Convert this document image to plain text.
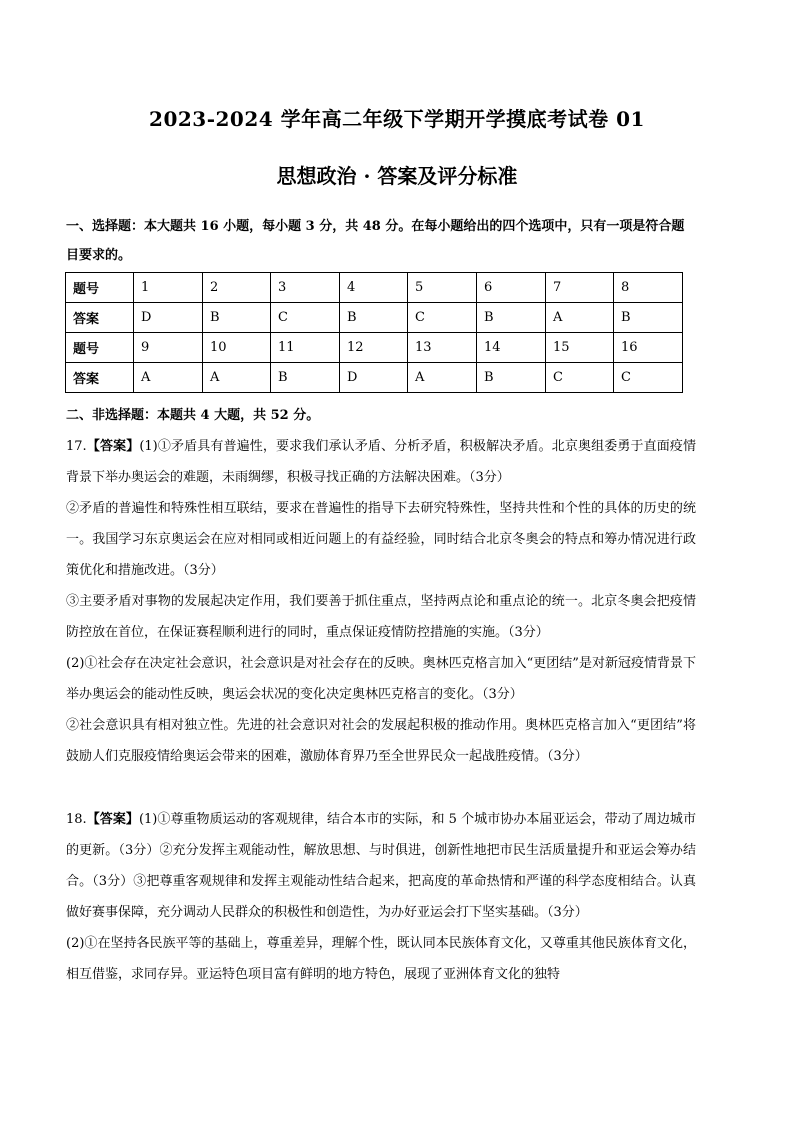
2023-2024 学年高二年级下学期开学摸底考试卷 01
思想政治 · 答案及评分标准
一、选择题：本大题共 16 小题，每小题 3 分，共 48 分。在每小题给出的四个选项中，只有一项是符合题目要求的。
题号	1	2	3	4	5	6	7	8
答案	D	B	C	B	C	B	A	B
题号	9	10	11	12	13	14	15	16
答案	A	A	B	D	A	B	C	C
二、非选择题：本题共 4 大题，共 52 分。

17.【答案】(1)①矛盾具有普遍性，要求我们承认矛盾、分析矛盾，积极解决矛盾。北京奥组委勇于直面疫情背景下举办奥运会的难题，未雨绸缪，积极寻找正确的方法解决困难。（3分）

②矛盾的普遍性和特殊性相互联结，要求在普遍性的指导下去研究特殊性，坚持共性和个性的具体的历史的统一。我国学习东京奥运会在应对相同或相近问题上的有益经验，同时结合北京冬奥会的特点和筹办情况进行政策优化和措施改进。（3分）

③主要矛盾对事物的发展起决定作用，我们要善于抓住重点，坚持两点论和重点论的统一。北京冬奥会把疫情防控放在首位，在保证赛程顺利进行的同时，重点保证疫情防控措施的实施。（3分）

(2)①社会存在决定社会意识，社会意识是对社会存在的反映。奥林匹克格言加入“更团结”是对新冠疫情背景下举办奥运会的能动性反映，奥运会状况的变化决定奥林匹克格言的变化。（3分）

②社会意识具有相对独立性。先进的社会意识对社会的发展起积极的推动作用。奥林匹克格言加入“更团结”将鼓励人们克服疫情给奥运会带来的困难，激励体育界乃至全世界民众一起战胜疫情。（3分）

18.【答案】(1)①尊重物质运动的客观规律，结合本市的实际，和 5 个城市协办本届亚运会，带动了周边城市的更新。（3分）②充分发挥主观能动性，解放思想、与时俱进，创新性地把市民生活质量提升和亚运会筹办结合。（3分）③把尊重客观规律和发挥主观能动性结合起来，把高度的革命热情和严谨的科学态度相结合。认真做好赛事保障，充分调动人民群众的积极性和创造性，为办好亚运会打下坚实基础。（3分）

(2)①在坚持各民族平等的基础上，尊重差异，理解个性，既认同本民族体育文化，又尊重其他民族体育文化，相互借鉴，求同存异。亚运特色项目富有鲜明的地方特色，展现了亚洲体育文化的独特
